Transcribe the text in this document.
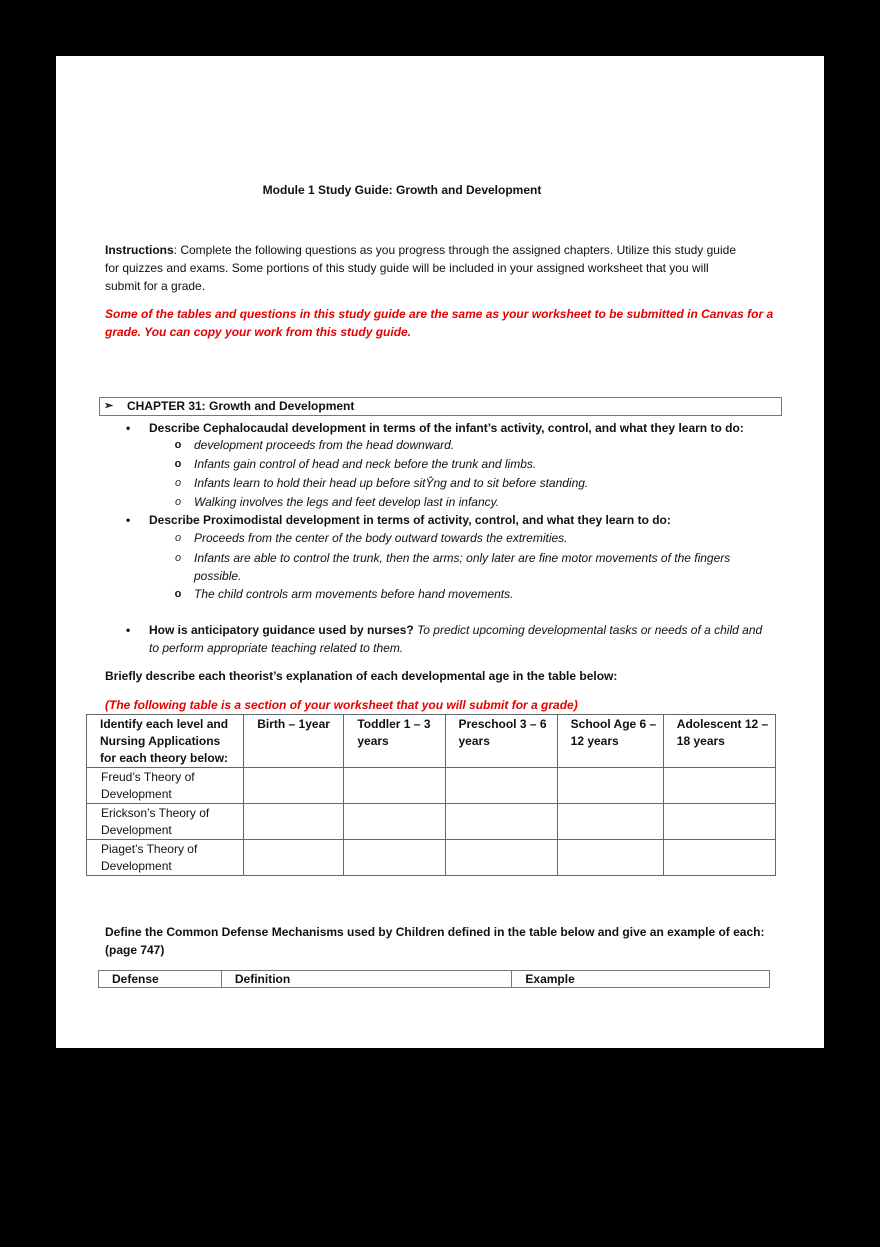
Module 1 Study Guide: Growth and Development
Instructions: Complete the following questions as you progress through the assigned chapters. Utilize this study guide
for quizzes and exams. Some portions of this study guide will be included in your assigned worksheet that you will
submit for a grade.
Some of the tables and questions in this study guide are the same as your worksheet to be submitted in Canvas for a
grade. You can copy your work from this study guide.
➢ CHAPTER 31: Growth and Development
• Describe Cephalocaudal development in terms of the infant’s activity, control, and what they learn to do:
o	development proceeds from the head downward.
o	Infants gain control of head and neck before the trunk and limbs.
o	Infants learn to hold their head up before sitŶng and to sit before standing.
o	Walking involves the legs and feet develop last in infancy.
• Describe Proximodistal development in terms of activity, control, and what they learn to do:
o	Proceeds from the center of the body outward towards the extremities.
o	Infants are able to control the trunk, then the arms; only later are fine motor movements of the fingers
possible.
o	The child controls arm movements before hand movements.
• How is anticipatory guidance used by nurses? To predict upcoming developmental tasks or needs of a child and
to perform appropriate teaching related to them.
Briefly describe each theorist’s explanation of each developmental age in the table below:
(The following table is a section of your worksheet that you will submit for a grade)
Identify each level and Nursing Applications for each theory below:	Birth – 1year	Toddler 1 – 3 years	Preschool 3 – 6 years	School Age 6 – 12 years	Adolescent 12 – 18 years
Freud’s Theory of Development					
Erickson’s Theory of Development					
Piaget’s Theory of Development					
Define the Common Defense Mechanisms used by Children defined in the table below and give an example of each:
(page 747)
Defense	Definition	Example
